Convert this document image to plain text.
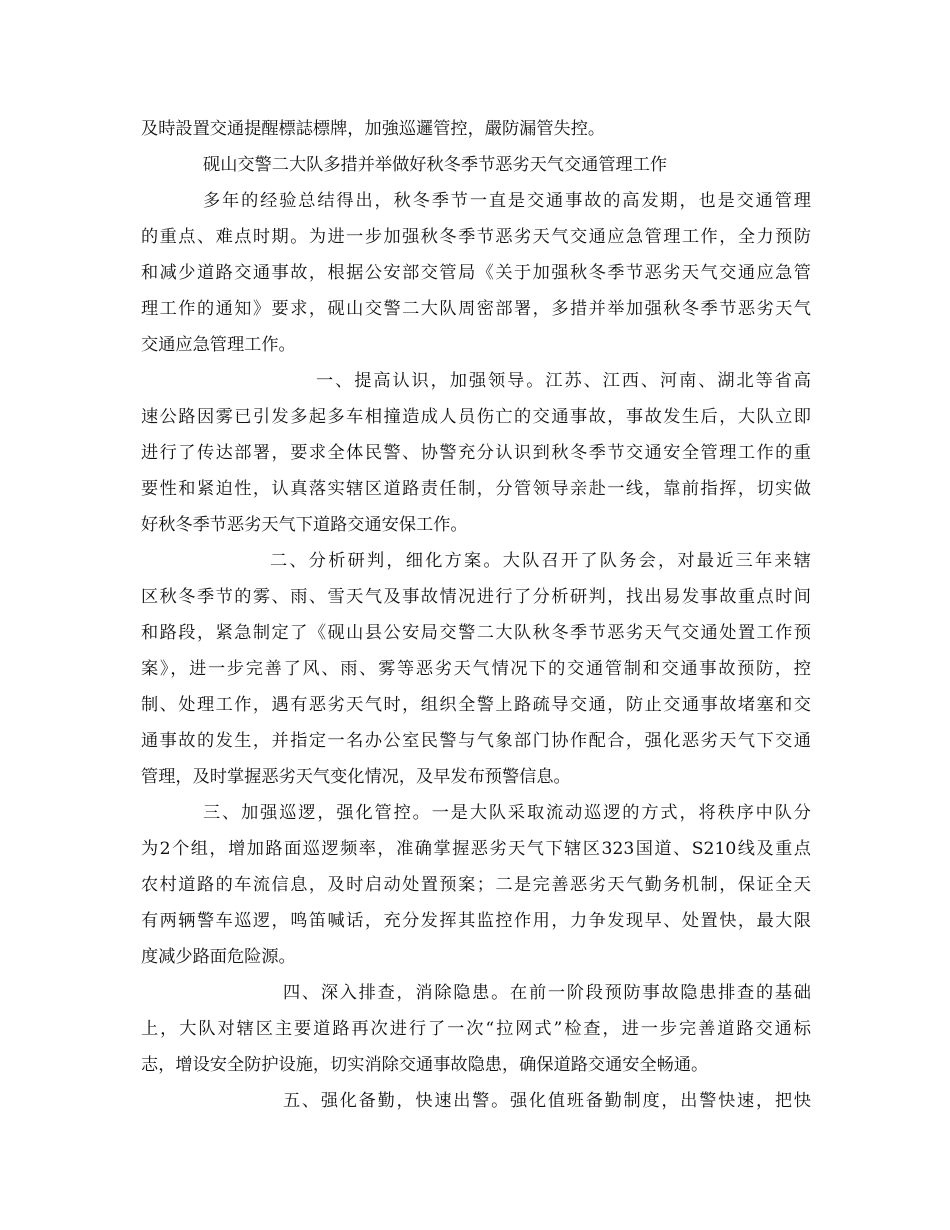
及時設置交通提醒標誌標牌，加強巡邏管控，嚴防漏管失控。
砚山交警二大队多措并举做好秋冬季节恶劣天气交通管理工作
多年的经验总结得出，秋冬季节一直是交通事故的高发期，也是交通管理
的重点、难点时期。为进一步加强秋冬季节恶劣天气交通应急管理工作，全力预防
和减少道路交通事故，根据公安部交管局《关于加强秋冬季节恶劣天气交通应急管
理工作的通知》要求，砚山交警二大队周密部署，多措并举加强秋冬季节恶劣天气
交通应急管理工作。
一、提高认识，加强领导。江苏、江西、河南、湖北等省高
速公路因雾已引发多起多车相撞造成人员伤亡的交通事故，事故发生后，大队立即
进行了传达部署，要求全体民警、协警充分认识到秋冬季节交通安全管理工作的重
要性和紧迫性，认真落实辖区道路责任制，分管领导亲赴一线，靠前指挥，切实做
好秋冬季节恶劣天气下道路交通安保工作。
二、分析研判，细化方案。大队召开了队务会，对最近三年来辖
区秋冬季节的雾、雨、雪天气及事故情况进行了分析研判，找出易发事故重点时间
和路段，紧急制定了《砚山县公安局交警二大队秋冬季节恶劣天气交通处置工作预
案》，进一步完善了风、雨、雾等恶劣天气情况下的交通管制和交通事故预防，控
制、处理工作，遇有恶劣天气时，组织全警上路疏导交通，防止交通事故堵塞和交
通事故的发生，并指定一名办公室民警与气象部门协作配合，强化恶劣天气下交通
管理，及时掌握恶劣天气变化情况，及早发布预警信息。
三、加强巡逻，强化管控。一是大队采取流动巡逻的方式，将秩序中队分
为2个组，增加路面巡逻频率，准确掌握恶劣天气下辖区323国道、S210线及重点
农村道路的车流信息，及时启动处置预案；二是完善恶劣天气勤务机制，保证全天
有两辆警车巡逻，鸣笛喊话，充分发挥其监控作用，力争发现早、处置快，最大限
度减少路面危险源。
四、深入排查，消除隐患。在前一阶段预防事故隐患排查的基础
上，大队对辖区主要道路再次进行了一次“拉网式”检查，进一步完善道路交通标
志，增设安全防护设施，切实消除交通事故隐患，确保道路交通安全畅通。
五、强化备勤，快速出警。强化值班备勤制度，出警快速，把快
